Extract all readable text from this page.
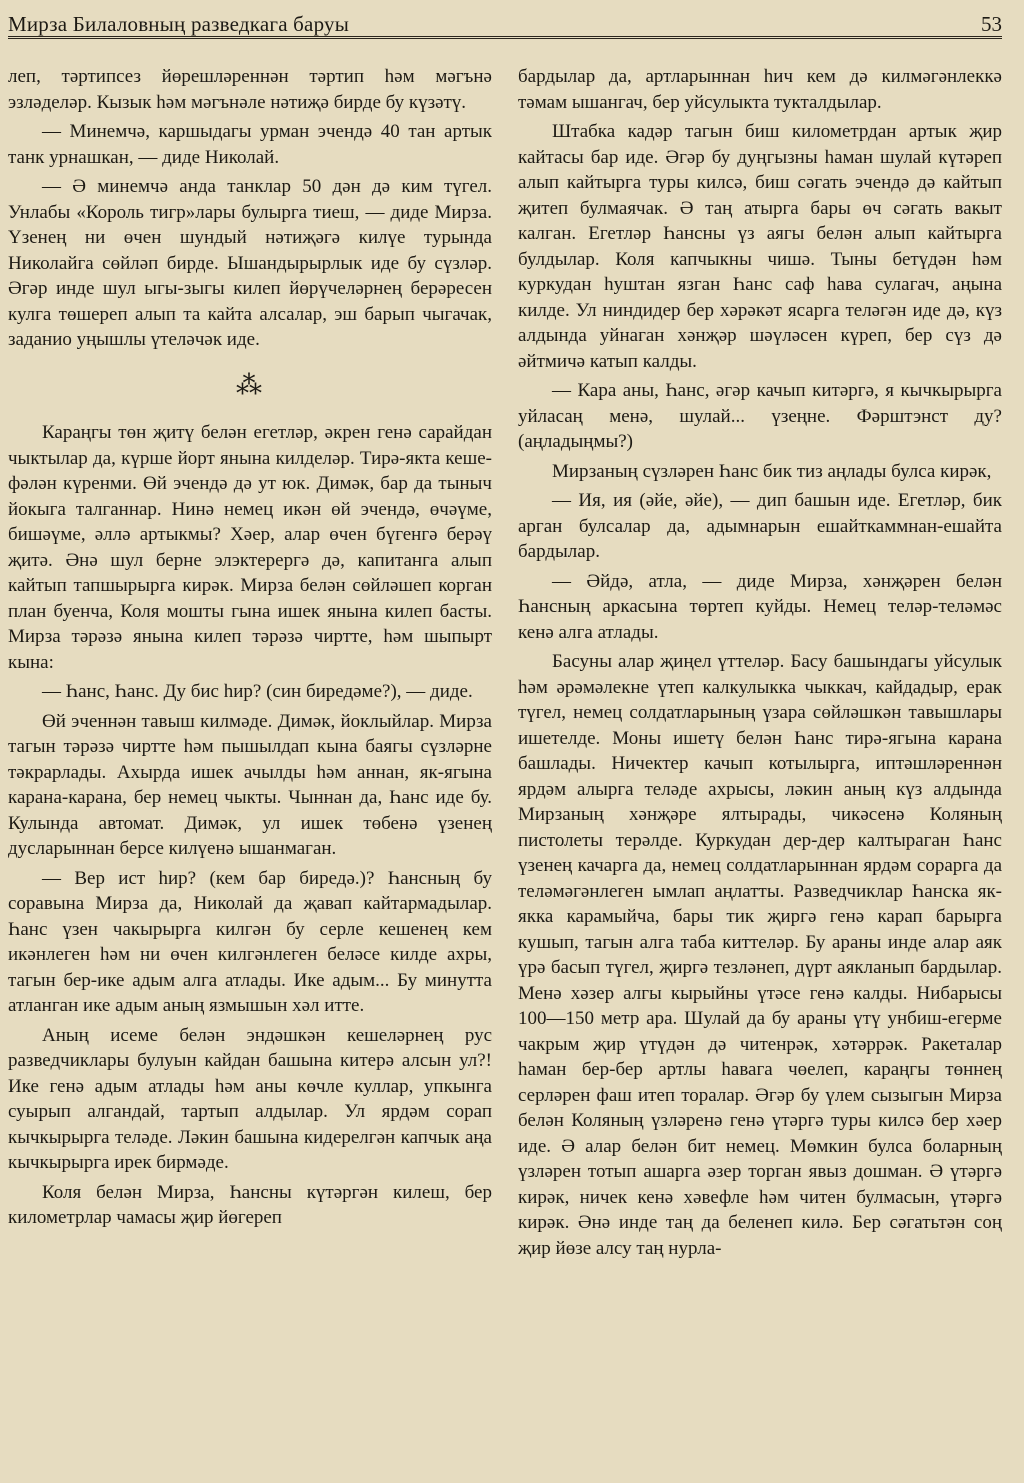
Мирза Билаловның разведкага баруы	53

леп, тәртипсез йөрешләреннән тәртип һәм мәгънә эзләделәр. Кызык һәм мәгънәле нәтиҗә бирде бу күзәтү.

— Минемчә, каршыдагы урман эчендә 40 тан артык танк урнашкан, — диде Николай.

— Ә минемчә анда танклар 50 дән дә ким түгел. Унлабы «Король тигр»лары булырга тиеш, — диде Мирза. Үзенең ни өчен шундый нәтиҗәгә килүе турында Николайга сөйләп бирде. Ышандырырлык иде бу сүзләр. Әгәр инде шул ыгы-зыгы килеп йөрүчеләрнең берәресен кулга төшереп алып та кайта алсалар, эш барып чыгачак, заданио уңышлы үтеләчәк иде.

⁂

Караңгы төн җитү белән егетләр, әкрен генә сарайдан чыктылар да, күрше йорт янына килделәр. Тирә-якта кеше-фәлән күренми. Өй эчендә дә ут юк. Димәк, бар да тыныч йокыга талганнар. Нинә немец икән өй эчендә, өчәүме, бишәүме, әллә артыкмы? Хәер, алар өчен бүгенгә берәү җитә. Әнә шул берне элэктерергә дә, капитанга алып кайтып тапшырырга кирәк. Мирза белән сөйләшеп корган план буенча, Коля мошты гына ишек янына килеп басты. Мирза тәрәзә янына килеп тәрәзә чиртте, һәм шыпырт кына:

— Һанс, Һанс. Ду бис һир? (син биредәме?), — диде.

Өй эченнән тавыш килмәде. Димәк, йоклыйлар. Мирза тагын тәрәзә чиртте һәм пышылдап кына баягы сүзләрне тәкрарлады. Ахырда ишек ачылды һәм аннан, як-ягына карана-карана, бер немец чыкты. Чыннан да, Һанс иде бу. Кулында автомат. Димәк, ул ишек төбенә үзенең дусларыннан берсе килүенә ышанмаган.

— Вер ист һир? (кем бар биредә.)? Һансның бу соравына Мирза да, Николай да җавап кайтармадылар. Һанс үзен чакырырга килгән бу серле кешенең кем икәнлеген һәм ни өчен килгәнлеген беләсе килде ахры, тагын бер-ике адым алга атлады. Ике адым... Бу минутта атланган ике адым аның язмышын хәл итте.

Аның исеме белән эндәшкән кешеләрнең рус разведчиклары булуын кайдан башына китерә алсын ул?! Ике генә адым атлады һәм аны көчле куллар, упкынга суырып алгандай, тартып алдылар. Ул ярдәм сорап кычкырырга теләде. Ләкин башына кидерелгән капчык аңа кычкырырга ирек бирмәде.

Коля белән Мирза, Һансны күтәргән килеш, бер километрлар чамасы җир йөгереп

бардылар да, артларыннан һич кем дә килмәгәнлеккә тәмам ышангач, бер уйсулыкта тукталдылар.

Штабка кадәр тагын биш километрдан артык җир кайтасы бар иде. Әгәр бу дуңгызны һаман шулай күтәреп алып кайтырга туры килсә, биш сәгать эчендә дә кайтып җитеп булмаячак. Ә таң атырга бары өч сәгать вакыт калган. Егетләр Һансны үз аягы белән алып кайтырга булдылар. Коля капчыкны чишә. Тыны бетүдән һәм куркудан һуштан язган Һанс саф һава сулагач, аңына килде. Ул ниндидер бер хәрәкәт ясарга теләгән иде дә, күз алдында уйнаган хәнҗәр шәүләсен күреп, бер сүз дә әйтмичә катып калды.

— Кара аны, Һанс, әгәр качып китәргә, я кычкырырга уйласаң менә, шулай... үзеңне. Фәрштэнст ду? (аңладыңмы?)

Мирзаның сүзләрен Һанс бик тиз аңлады булса кирәк,

— Ия, ия (әйе, әйе), — дип башын иде. Егетләр, бик арган булсалар да, адымнарын ешайткаммнан-ешайта бардылар.

— Әйдә, атла, — диде Мирза, хәнҗәрен белән Һансның аркасына төртеп куйды. Немец теләр-теләмәс кенә алга атлады.

Басуны алар җиңел үттеләр. Басу башындагы уйсулык һәм әрәмәлекне үтеп калкулыкка чыккач, кайдадыр, ерак түгел, немец солдатларының үзара сөйләшкән тавышлары ишетелде. Моны ишетү белән Һанс тирә-ягына карана башлады. Ничектер качып котылырга, иптәшләреннән ярдәм алырга теләде ахрысы, ләкин аның күз алдында Мирзаның хәнҗәре ялтырады, чикәсенә Коляның пистолеты терәлде. Куркудан дер-дер калтыраган Һанс үзенең качарга да, немец солдатларыннан ярдәм сорарга да теләмәгәнлеген ымлап аңлатты. Разведчиклар Һанска як-якка карамыйча, бары тик җиргә генә карап барырга кушып, тагын алга таба киттеләр. Бу араны инде алар аяк үрә басып түгел, җиргә тезләнеп, дүрт аякланып бардылар. Менә хәзер алгы кырыйны үтәсе генә калды. Нибарысы 100—150 метр ара. Шулай да бу араны үтү унбиш-егерме чакрым җир үтүдән дә читенрәк, хәтәррәк. Ракеталар һаман бер-бер артлы һавага чөелеп, караңгы төннең серләрен фаш итеп торалар. Әгәр бу үлем сызыгын Мирза белән Коляның үзләренә генә үтәргә туры килсә бер хәер иде. Ә алар белән бит немец. Мөмкин булса боларның үзләрен тотып ашарга әзер торган явыз дошман. Ә үтәргә кирәк, ничек кенә хәвефле һәм читен булмасын, үтәргә кирәк. Әнә инде таң да беленеп килә. Бер сәгатьтән соң җир йөзе алсу таң нурла-
